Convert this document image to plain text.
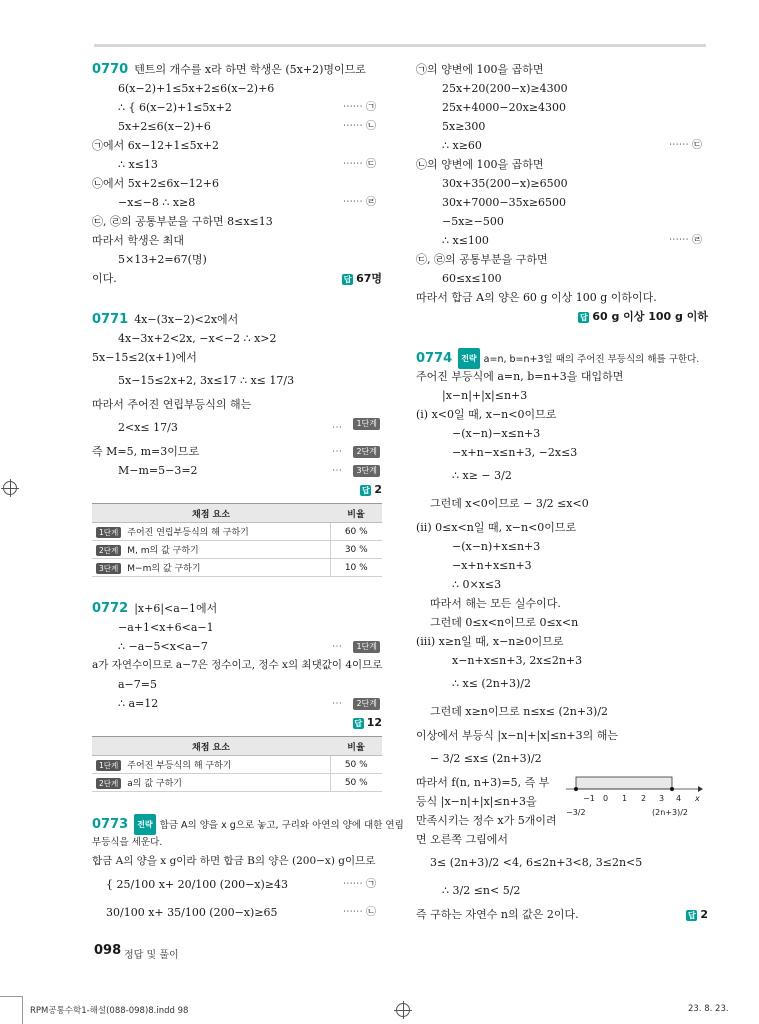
0770 텐트의 개수를 x라 하면 학생은 (5x+2)명이므로
6(x−2)+1≤5x+2≤6(x−2)+6
∴ { 6(x−2)+1≤5x+2	⋯⋯ ㉠
5x+2≤6(x−2)+6	⋯⋯ ㉡
㉠에서 6x−12+1≤5x+2
∴ x≤13	⋯⋯ ㉢
㉡에서 5x+2≤6x−12+6
−x≤−8 ∴ x≥8	⋯⋯ ㉣
㉢, ㉣의 공통부분을 구하면 8≤x≤13
따라서 학생은 최대
5×13+2=67(명)
이다.	답 67명
0771 4x−(3x−2)<2x에서
4x−3x+2<2x, −x<−2 ∴ x>2
5x−15≤2(x+1)에서
5x−15≤2x+2, 3x≤17 ∴ x≤ 17/3
따라서 주어진 연립부등식의 해는
2<x≤ 17/3	⋯	1단계
즉 M=5, m=3이므로	⋯	2단계
M−m=5−3=2	⋯	3단계
답 2
채점 요소	비율
1단계 주어진 연립부등식의 해 구하기	60 %
2단계 M, m의 값 구하기	30 %
3단계 M−m의 값 구하기	10 %
0772 |x+6|<a−1에서
−a+1<x+6<a−1
∴ −a−5<x<a−7	⋯	1단계
a가 자연수이므로 a−7은 정수이고, 정수 x의 최댓값이 4이므로
a−7=5
∴ a=12	⋯	2단계
답 12
채점 요소	비율
1단계 주어진 부등식의 해 구하기	50 %
2단계 a의 값 구하기	50 %
0773 전략 합금 A의 양을 x g으로 놓고, 구리와 아연의 양에 대한 연립
부등식을 세운다.
합금 A의 양을 x g이라 하면 합금 B의 양은 (200−x) g이므로
{ 25/100 x+ 20/100 (200−x)≥43	⋯⋯ ㉠
30/100 x+ 35/100 (200−x)≥65	⋯⋯ ㉡
㉠의 양변에 100을 곱하면
25x+20(200−x)≥4300
25x+4000−20x≥4300
5x≥300
∴ x≥60	⋯⋯ ㉢
㉡의 양변에 100을 곱하면
30x+35(200−x)≥6500
30x+7000−35x≥6500
−5x≥−500
∴ x≤100	⋯⋯ ㉣
㉢, ㉣의 공통부분을 구하면
60≤x≤100
따라서 합금 A의 양은 60 g 이상 100 g 이하이다.
답 60 g 이상 100 g 이하
0774 전략 a=n, b=n+3일 때의 주어진 부등식의 해를 구한다.
주어진 부등식에 a=n, b=n+3을 대입하면
|x−n|+|x|≤n+3
(i) x<0일 때, x−n<0이므로
−(x−n)−x≤n+3
−x+n−x≤n+3, −2x≤3
∴ x≥ − 3/2
그런데 x<0이므로 − 3/2 ≤x<0
(ii) 0≤x<n일 때, x−n<0이므로
−(x−n)+x≤n+3
−x+n+x≤n+3
∴ 0×x≤3
따라서 해는 모든 실수이다.
그런데 0≤x<n이므로 0≤x<n
(iii) x≥n일 때, x−n≥0이므로
x−n+x≤n+3, 2x≤2n+3
∴ x≤ (2n+3)/2
그런데 x≥n이므로 n≤x≤ (2n+3)/2
이상에서 부등식 |x−n|+|x|≤n+3의 해는
− 3/2 ≤x≤ (2n+3)/2
따라서 f(n, n+3)=5, 즉 부
등식 |x−n|+|x|≤n+3을
만족시키는 정수 x가 5개이려
면 오른쪽 그림에서
−1 0 1 2 3 4 x
−3/2	(2n+3)/2
3≤ (2n+3)/2 <4, 6≤2n+3<8, 3≤2n<5
∴ 3/2 ≤n< 5/2
즉 구하는 자연수 n의 값은 2이다.	답 2
098 정답 및 풀이
RPM공통수학1-해설(088-098)8.indd 98	23. 8. 23.
